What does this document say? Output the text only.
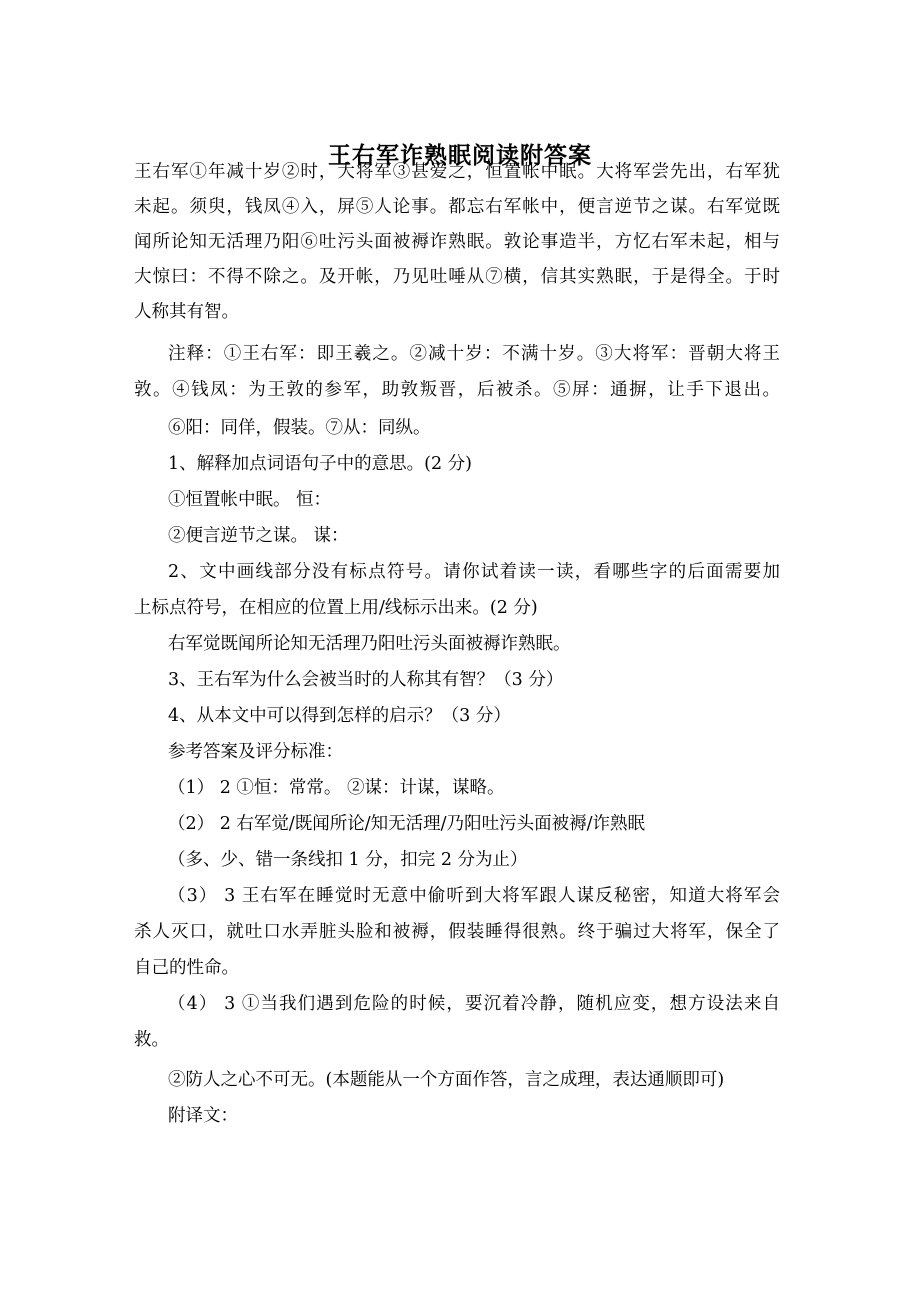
王右军诈熟眠阅读附答案
王右军①年减十岁②时，大将军③甚爱之，恒置帐中眠。大将军尝先出，右军犹
未起。须臾，钱凤④入，屏⑤人论事。都忘右军帐中，便言逆节之谋。右军觉既
闻所论知无活理乃阳⑥吐污头面被褥诈熟眠。敦论事造半，方忆右军未起，相与
大惊曰：不得不除之。及开帐，乃见吐唾从⑦横，信其实熟眠，于是得全。于时
人称其有智。
注释：①王右军：即王羲之。②减十岁：不满十岁。③大将军：晋朝大将王
敦。④钱凤：为王敦的参军，助敦叛晋，后被杀。⑤屏：通摒，让手下退出。
⑥阳：同佯，假装。⑦从：同纵。
1、解释加点词语句子中的意思。(2 分)
①恒置帐中眠。 恒：
②便言逆节之谋。 谋：
2、文中画线部分没有标点符号。请你试着读一读，看哪些字的后面需要加
上标点符号，在相应的位置上用/线标示出来。(2 分)
右军觉既闻所论知无活理乃阳吐污头面被褥诈熟眠。
3、王右军为什么会被当时的人称其有智？（3 分）
4、从本文中可以得到怎样的启示？（3 分）
参考答案及评分标准：
（1） 2 ①恒：常常。 ②谋：计谋，谋略。
（2） 2 右军觉/既闻所论/知无活理/乃阳吐污头面被褥/诈熟眠
（多、少、错一条线扣 1 分，扣完 2 分为止）
（3） 3 王右军在睡觉时无意中偷听到大将军跟人谋反秘密，知道大将军会
杀人灭口，就吐口水弄脏头脸和被褥，假装睡得很熟。终于骗过大将军，保全了
自己的性命。
（4） 3 ①当我们遇到危险的时候，要沉着冷静，随机应变，想方设法来自
救。
②防人之心不可无。(本题能从一个方面作答，言之成理，表达通顺即可)
附译文：
